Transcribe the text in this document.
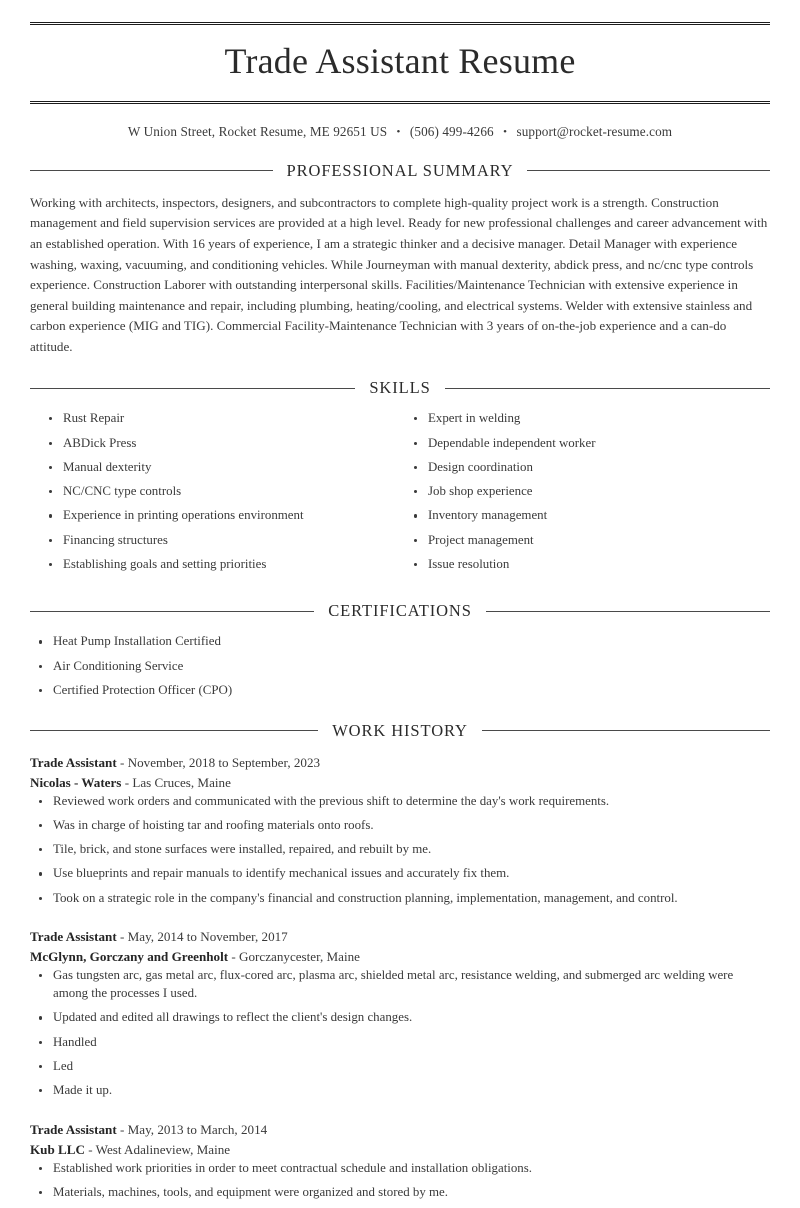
Trade Assistant Resume
W Union Street, Rocket Resume, ME 92651 US • (506) 499-4266 • support@rocket-resume.com
PROFESSIONAL SUMMARY

Working with architects, inspectors, designers, and subcontractors to complete high-quality project work is a strength. Construction management and field supervision services are provided at a high level. Ready for new professional challenges and career advancement with an established operation. With 16 years of experience, I am a strategic thinker and a decisive manager. Detail Manager with experience washing, waxing, vacuuming, and conditioning vehicles. While Journeyman with manual dexterity, abdick press, and nc/cnc type controls experience. Construction Laborer with outstanding interpersonal skills. Facilities/Maintenance Technician with extensive experience in general building maintenance and repair, including plumbing, heating/cooling, and electrical systems. Welder with extensive stainless and carbon experience (MIG and TIG). Commercial Facility-Maintenance Technician with 3 years of on-the-job experience and a can-do attitude.

SKILLS
Rust Repair
ABDick Press
Manual dexterity
NC/CNC type controls
Experience in printing operations environment
Financing structures
Establishing goals and setting priorities
Expert in welding
Dependable independent worker
Design coordination
Job shop experience
Inventory management
Project management
Issue resolution
CERTIFICATIONS
Heat Pump Installation Certified
Air Conditioning Service
Certified Protection Officer (CPO)
WORK HISTORY
Trade Assistant - November, 2018 to September, 2023
Nicolas - Waters - Las Cruces, Maine
Reviewed work orders and communicated with the previous shift to determine the day's work requirements.
Was in charge of hoisting tar and roofing materials onto roofs.
Tile, brick, and stone surfaces were installed, repaired, and rebuilt by me.
Use blueprints and repair manuals to identify mechanical issues and accurately fix them.
Took on a strategic role in the company's financial and construction planning, implementation, management, and control.
Trade Assistant - May, 2014 to November, 2017
McGlynn, Gorczany and Greenholt - Gorczanycester, Maine
Gas tungsten arc, gas metal arc, flux-cored arc, plasma arc, shielded metal arc, resistance welding, and submerged arc welding were among the processes I used.
Updated and edited all drawings to reflect the client's design changes.
Handled
Led
Made it up.
Trade Assistant - May, 2013 to March, 2014
Kub LLC - West Adalineview, Maine
Established work priorities in order to meet contractual schedule and installation obligations.
Materials, machines, tools, and equipment were organized and stored by me.
